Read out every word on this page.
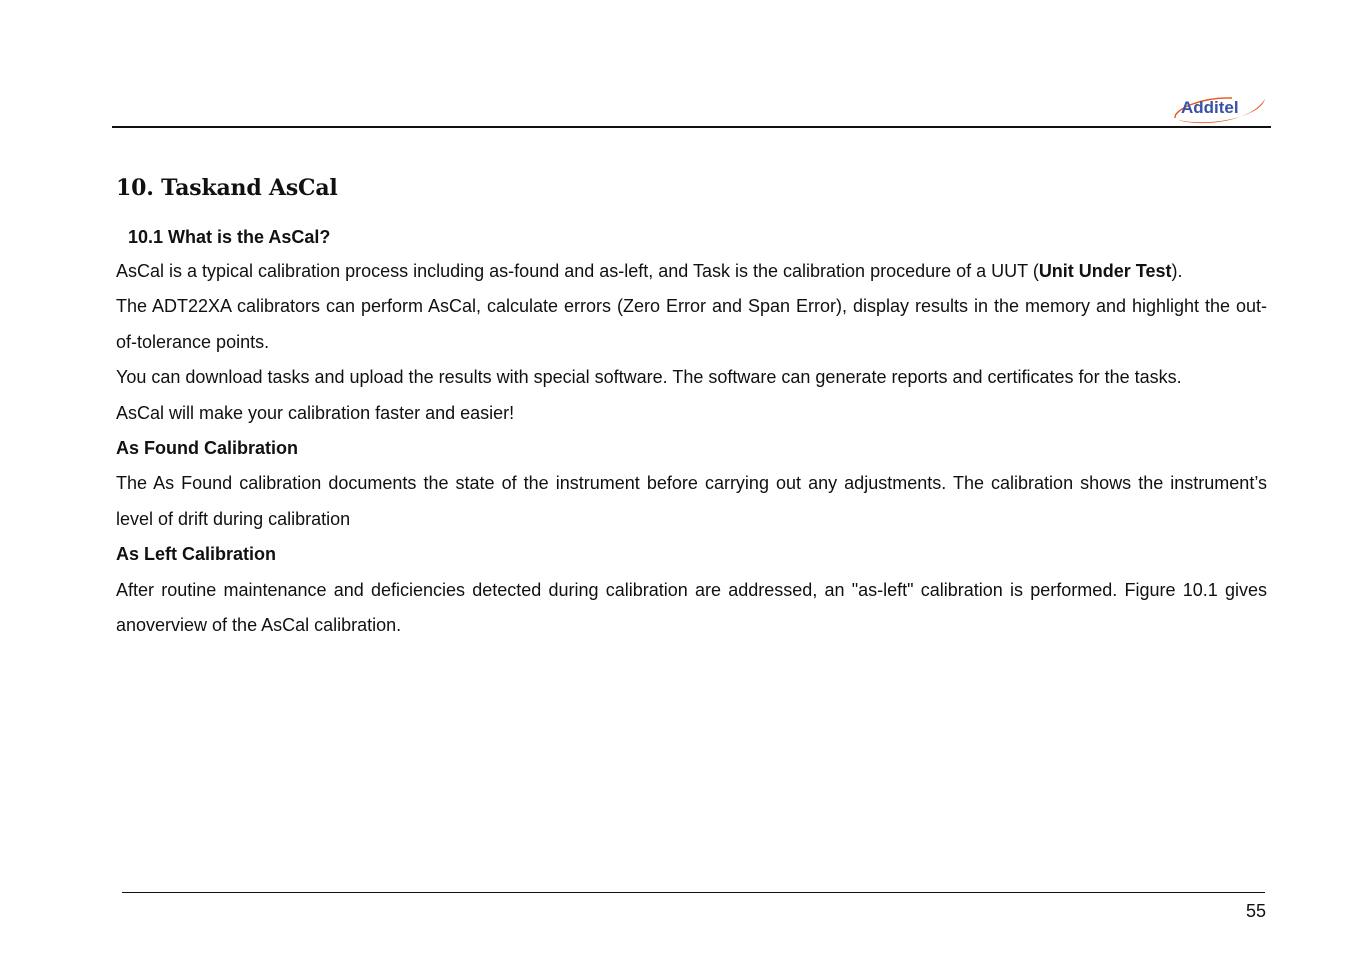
Additel
10. Taskand AsCal
10.1 What is the AsCal?

AsCal is a typical calibration process including as-found and as-left, and Task is the calibration procedure of a UUT (Unit Under Test).

The ADT22XA calibrators can perform AsCal, calculate errors (Zero Error and Span Error), display results in the memory and highlight the out-of-tolerance points.

You can download tasks and upload the results with special software. The software can generate reports and certificates for the tasks.

AsCal will make your calibration faster and easier!

As Found Calibration

The As Found calibration documents the state of the instrument before carrying out any adjustments. The calibration shows the instrument’s level of drift during calibration

As Left Calibration

After routine maintenance and deficiencies detected during calibration are addressed, an "as-left" calibration is performed. Figure 10.1 gives anoverview of the AsCal calibration.

55
